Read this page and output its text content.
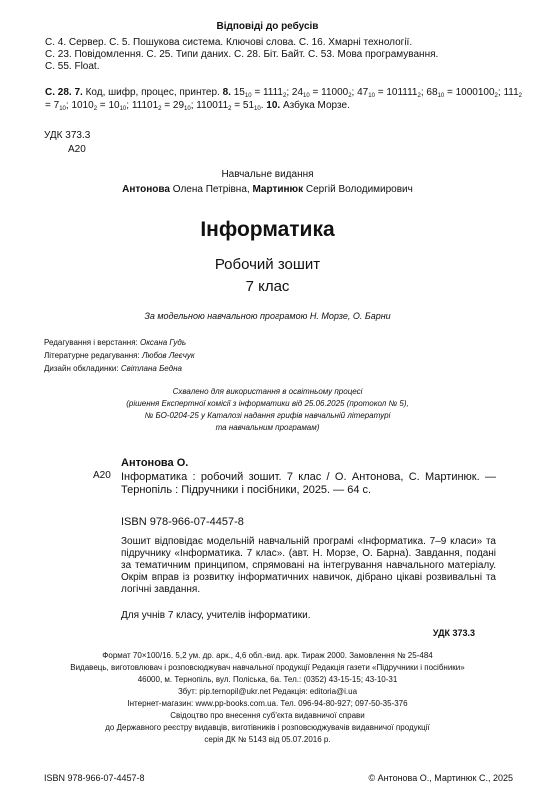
Відповіді до ребусів
С. 4. Сервер. С. 5. Пошукова система. Ключові слова. С. 16. Хмарні технології.
С. 23. Повідомлення. С. 25. Типи даних. С. 28. Біт. Байт. С. 53. Мова програмування.
С. 55. Float.
С. 28. 7. Код, шифр, процес, принтер. 8. $15_{10} = 1111_2$; $24_{10} = 11000_2$; $47_{10} = 101111_2$; $68_{10} = 1000100_2$; $111_2 = 7_{10}$; $1010_2 = 10_{10}$; $11101_2 = 29_{10}$; $110011_2 = 51_{10}$. 10. Азбука Морзе.
УДК 373.3
А20
Навчальне видання
Антонова Олена Петрівна, Мартинюк Сергій Володимирович
Інформатика
Робочий зошит
7 клас
За модельною навчальною програмою Н. Морзе, О. Барни
Редагування і верстання: Оксана Гудь
Літературне редагування: Любов Леєчук
Дизайн обкладинки: Світлана Бедна
Схвалено для використання в освітньому процесі
(рішення Експертної комісії з інформатики від 25.06.2025 (протокол № 5),
№ БО-0204-25 у Каталозі надання грифів навчальній літературі
та навчальним програмам)
А20
Антонова О.
Інформатика : робочий зошит. 7 клас / О. Антонова, С. Мартинюк. — Тернопіль : Підручники і посібники, 2025. — 64 с.
ISBN 978-966-07-4457-8
Зошит відповідає модельній навчальній програмі «Інформатика. 7–9 класи» та підручнику «Інформатика. 7 клас». (авт. Н. Морзе, О. Барна). Завдання, подані за тематичним принципом, спрямовані на інтегрування навчального матеріалу. Окрім вправ із розвитку інформатичних навичок, дібрано цікаві розвивальні та логічні завдання.
Для учнів 7 класу, учителів інформатики.
УДК 373.3
Формат 70×100/16. 5,2 ум. др. арк., 4,6 обл.-вид. арк. Тираж 2000. Замовлення № 25-484
Видавець, виготовлювач і розповсюджувач навчальної продукції Редакція газети «Підручники і посібники»
46000, м. Тернопіль, вул. Поліська, 6а. Тел.: (0352) 43-15-15; 43-10-31
Збут: pip.ternopil@ukr.net Редакція: editoria@i.ua
Інтернет-магазин: www.pp-books.com.ua. Тел. 096-94-80-927; 097-50-35-376
Свідоцтво про внесення суб'єкта видавничої справи
до Державного реєстру видавців, виготівників і розповсюджувачів видавничої продукції
серія ДК № 5143 від 05.07.2016 р.
ISBN 978-966-07-4457-8	© Антонова О., Мартинюк С., 2025
